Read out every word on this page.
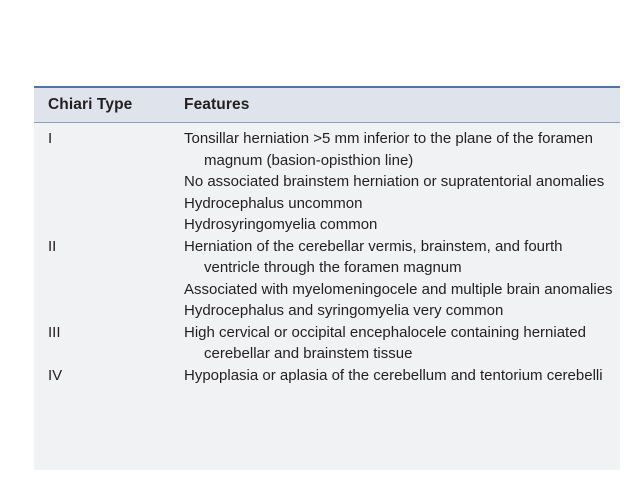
Chiari Type	Features
I	Tonsillar herniation >5 mm inferior to the plane of the foramen magnum (basion-opisthion line)
No associated brainstem herniation or supratentorial anomalies
Hydrocephalus uncommon
Hydrosyringomyelia common
II	Herniation of the cerebellar vermis, brainstem, and fourth ventricle through the foramen magnum
Associated with myelomeningocele and multiple brain anomalies
Hydrocephalus and syringomyelia very common
III	High cervical or occipital encephalocele containing herniated cerebellar and brainstem tissue
IV	Hypoplasia or aplasia of the cerebellum and tentorium cerebelli
